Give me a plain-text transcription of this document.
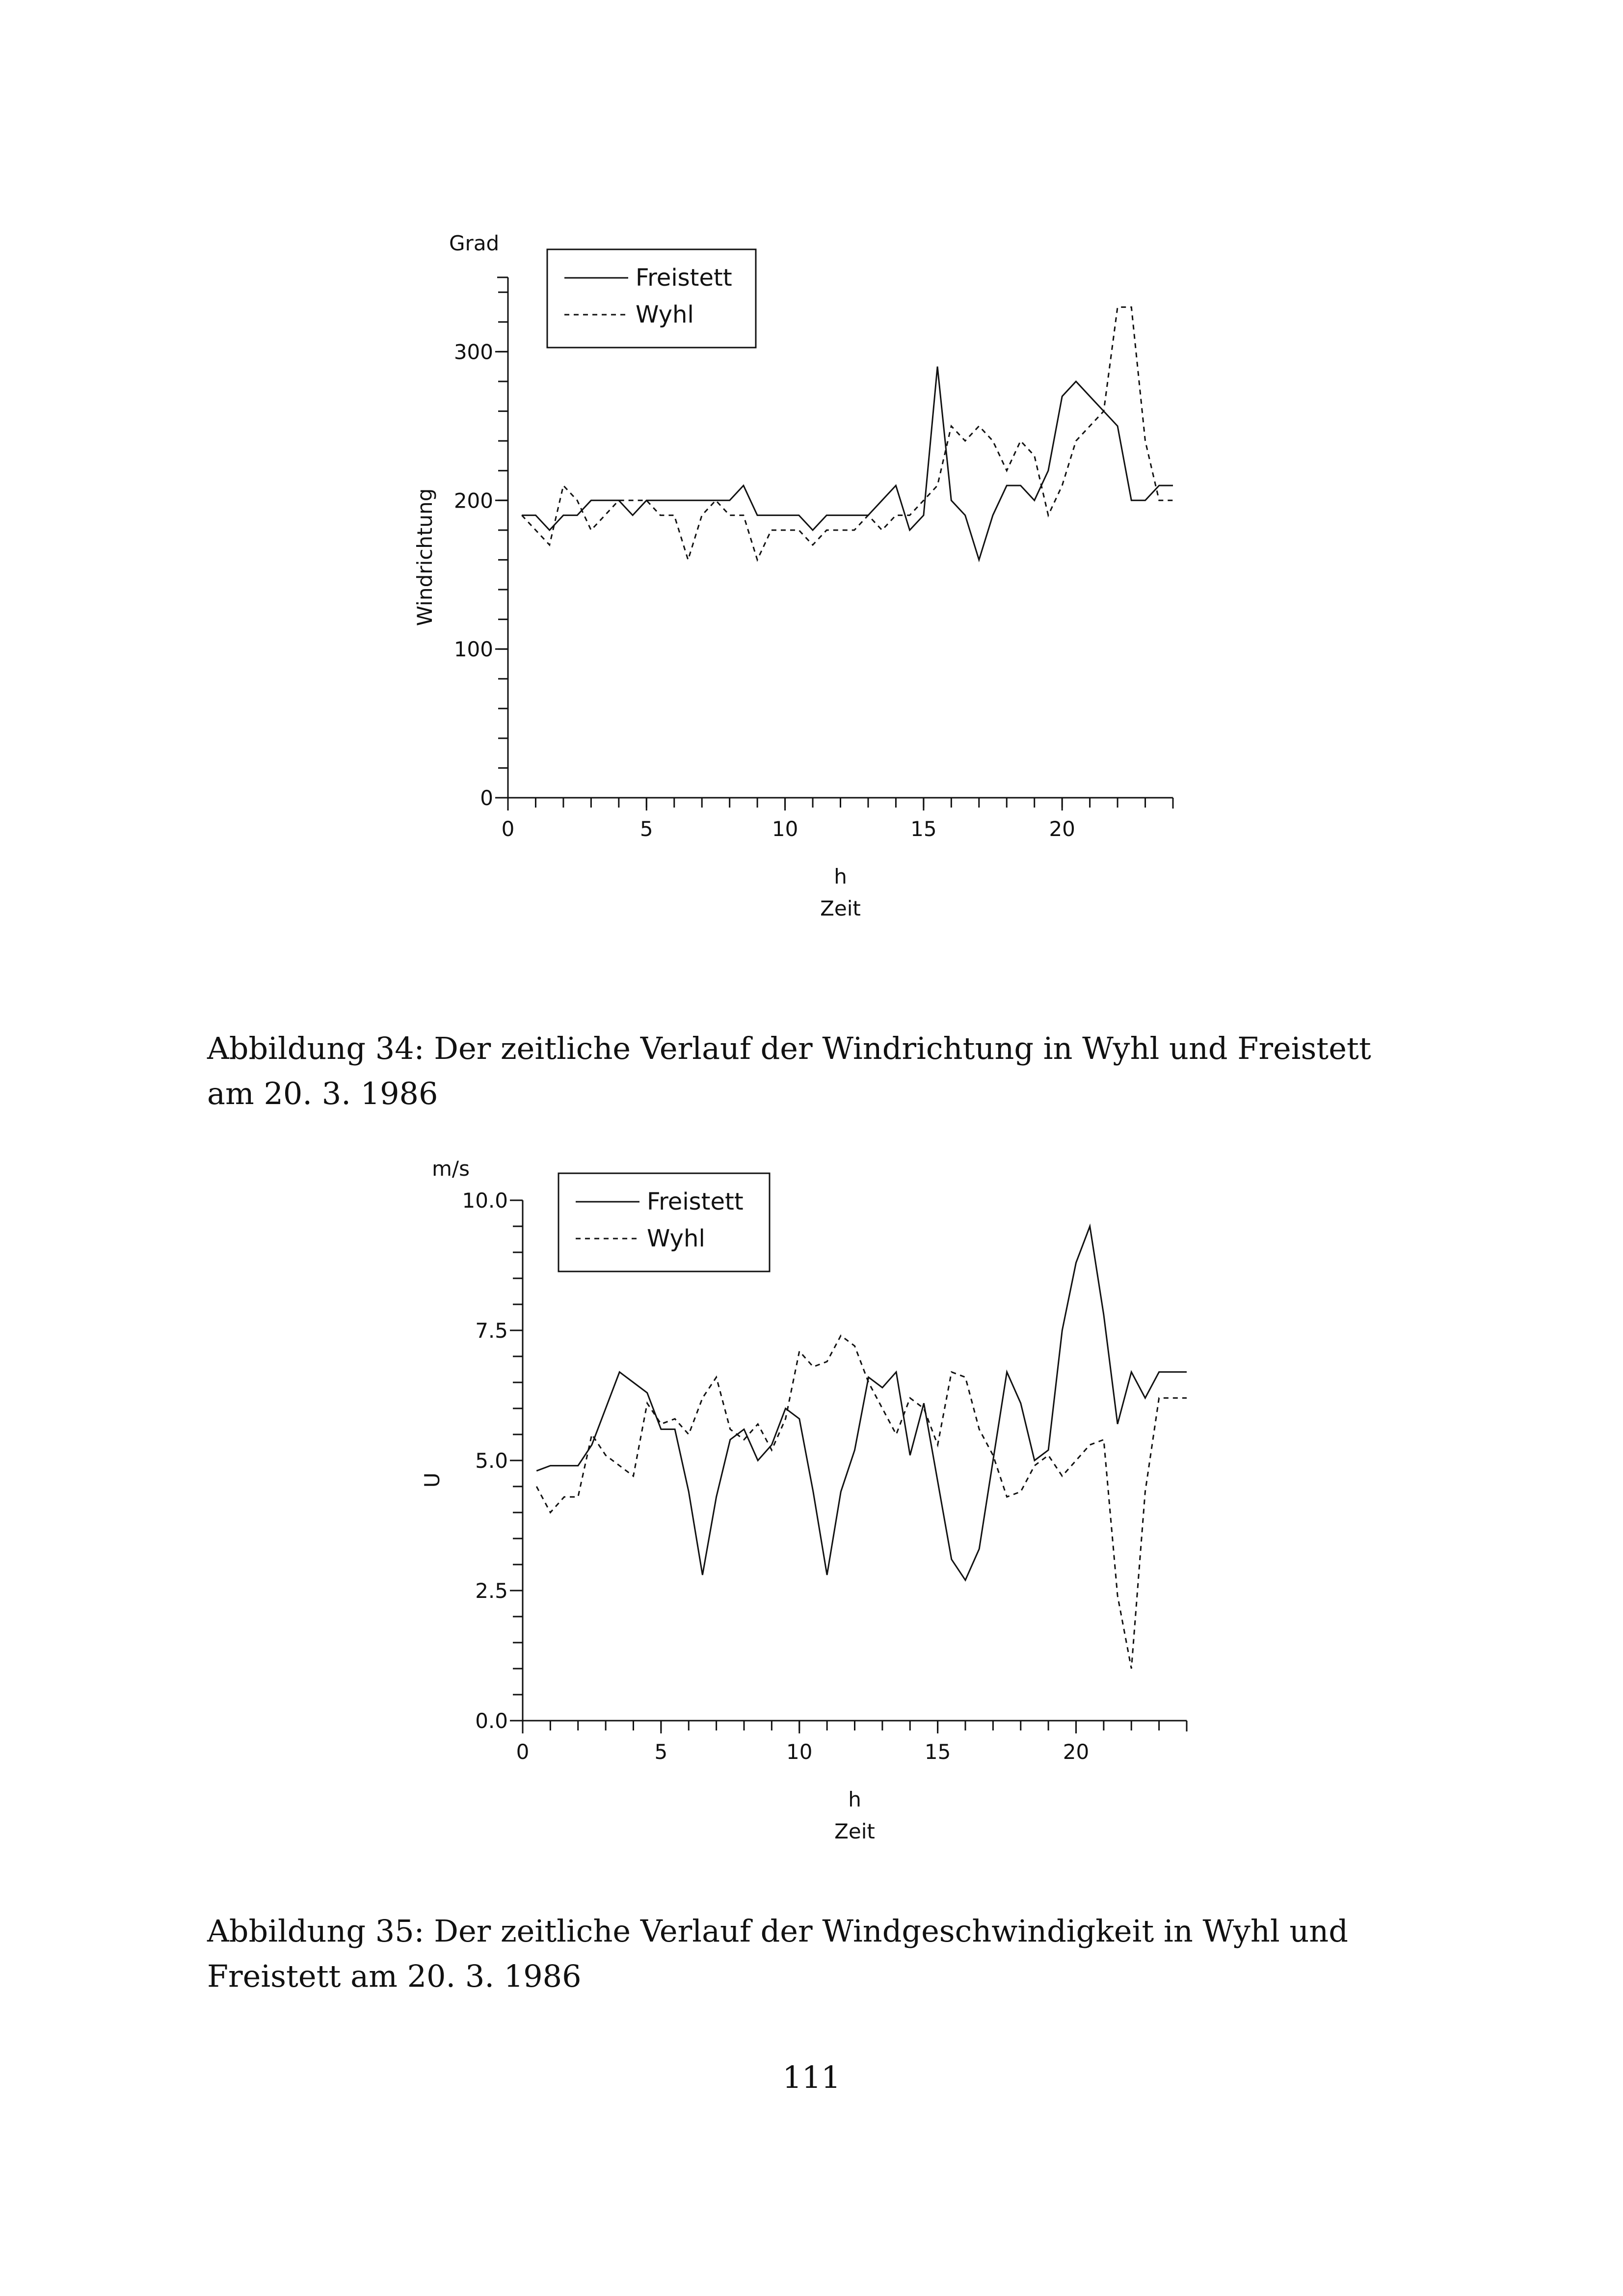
0
100
200
300
0	5	10	15	20
h
Zeit
Grad
Windrichtung
Freistett
Wyhl
0.0
2.5
5.0
7.5
10.0
0	5	10	15	20
h
Zeit
m/s
U
Freistett
Wyhl
Abbildung 34: Der zeitliche Verlauf der Windrichtung in Wyhl und Freistett am 20. 3. 1986
Abbildung 35: Der zeitliche Verlauf der Windgeschwindigkeit in Wyhl und Freistett am 20. 3. 1986
111
